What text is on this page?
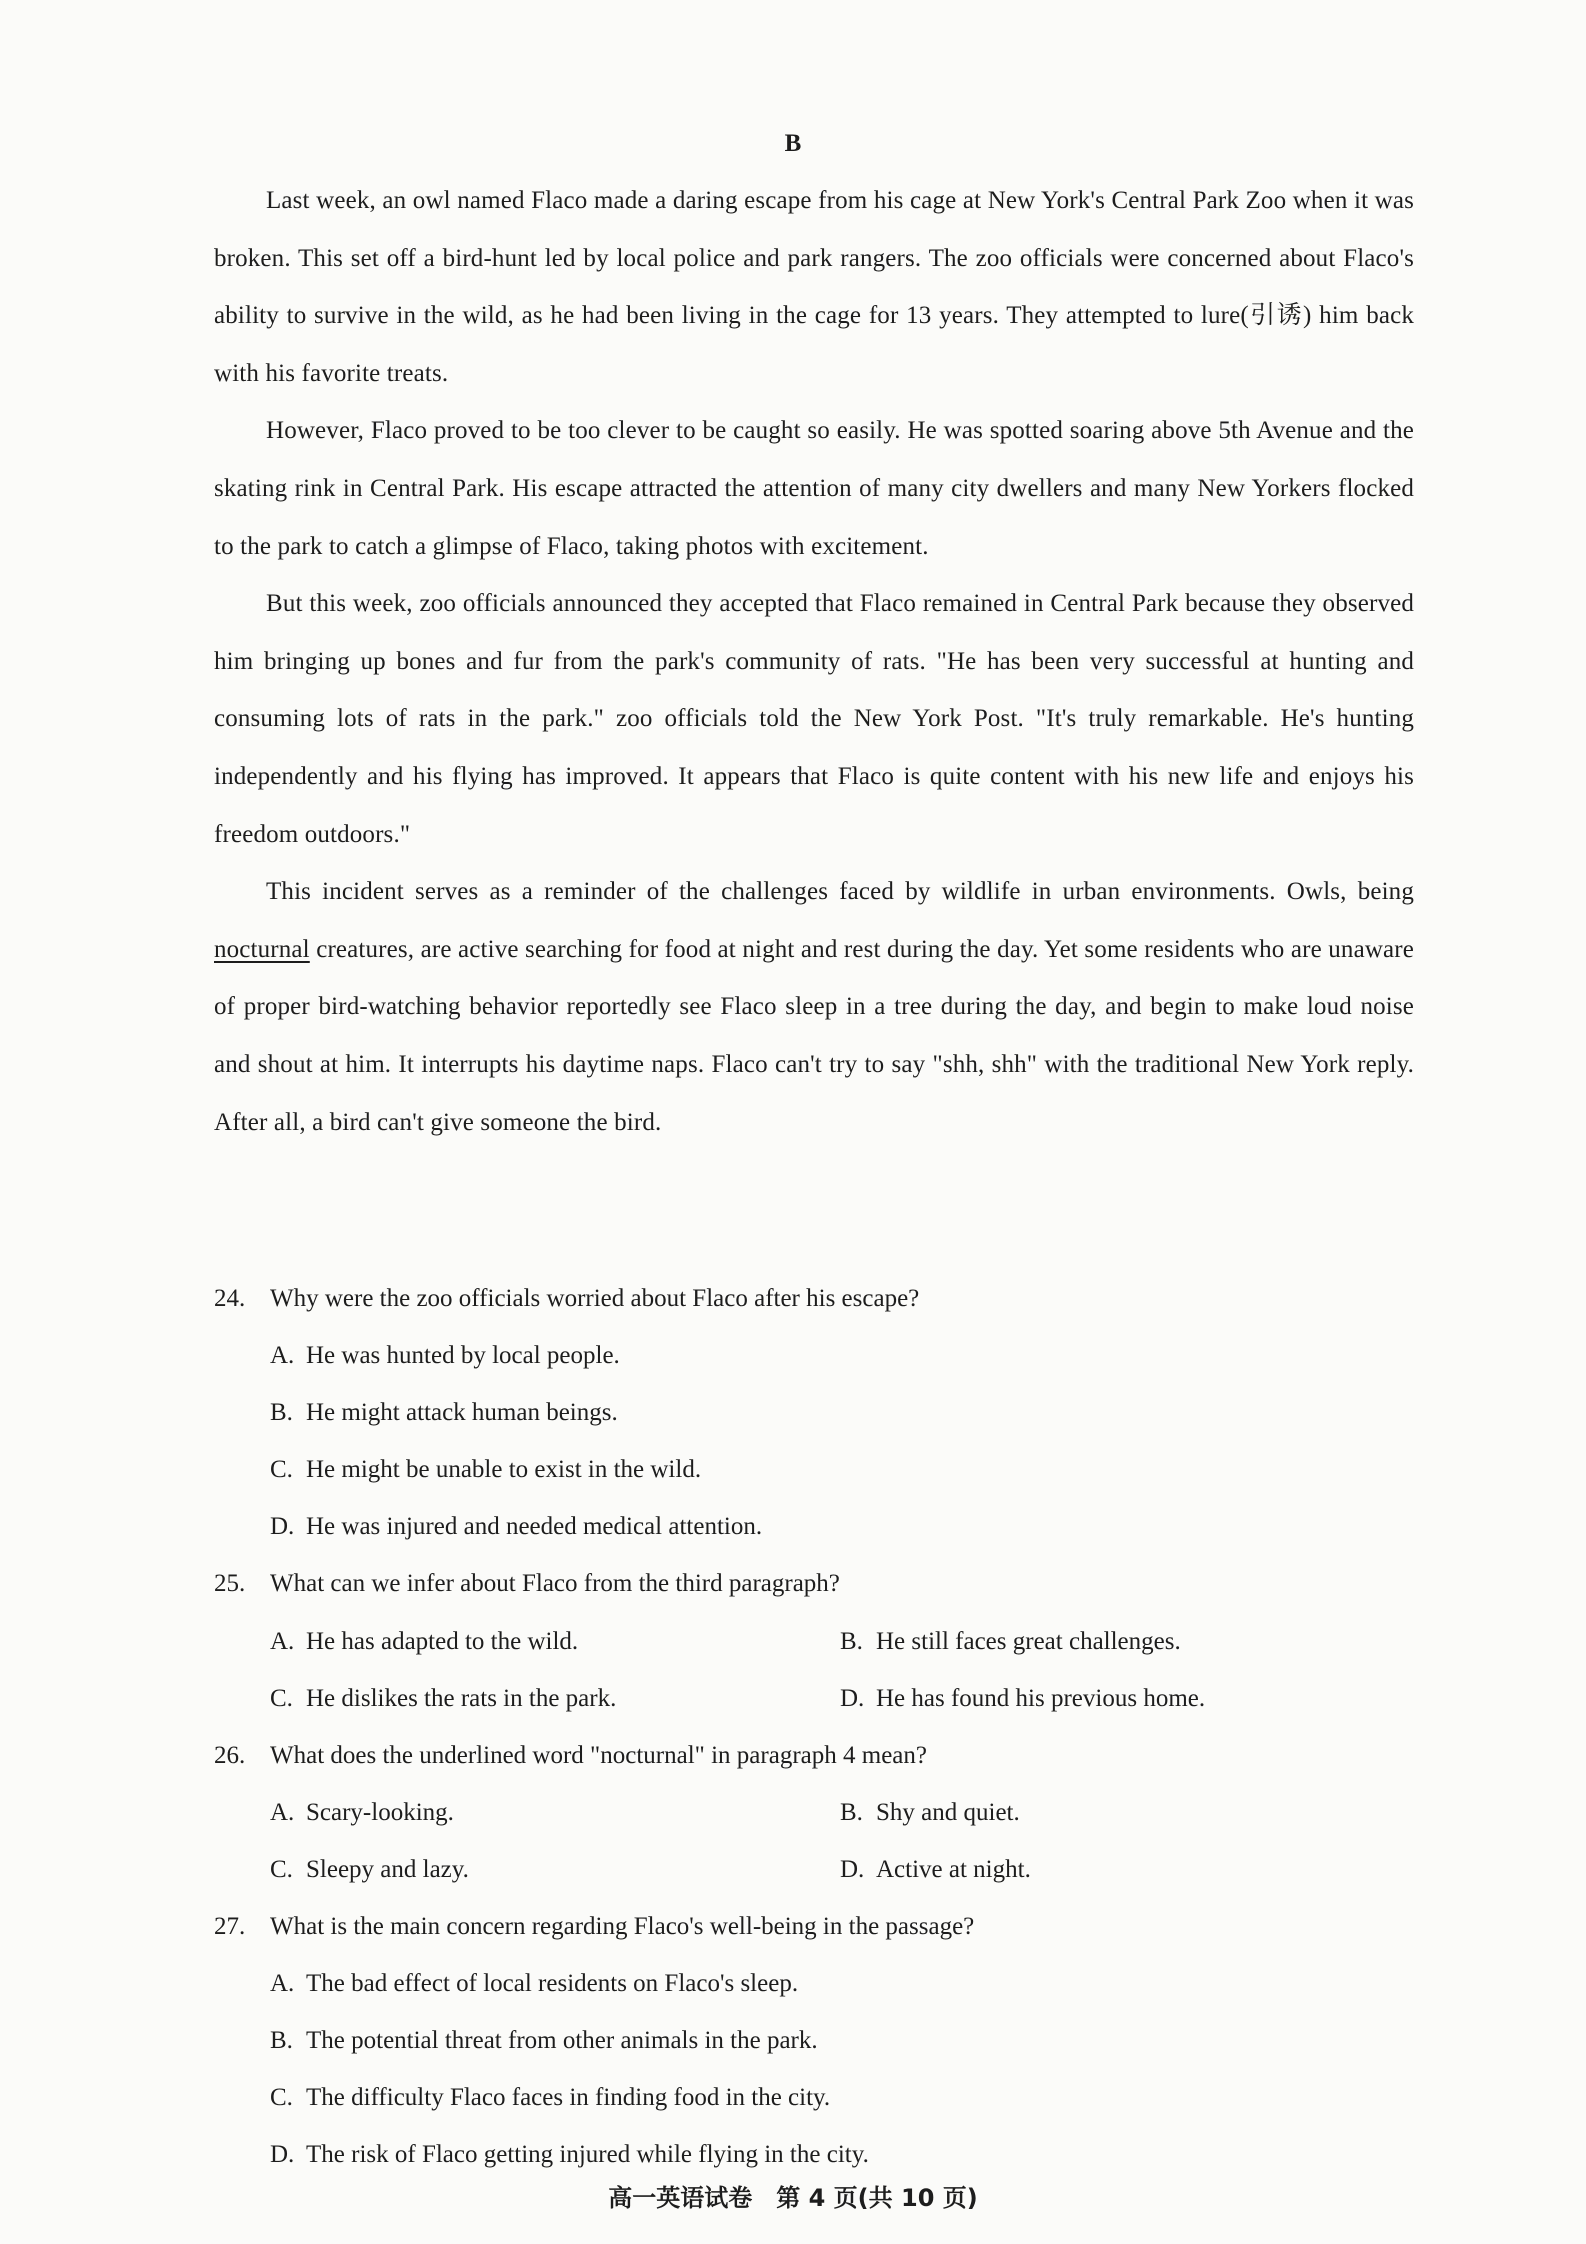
B

Last week, an owl named Flaco made a daring escape from his cage at New York's Central Park Zoo when it was broken. This set off a bird-hunt led by local police and park rangers. The zoo officials were concerned about Flaco's ability to survive in the wild, as he had been living in the cage for 13 years. They attempted to lure(引诱) him back with his favorite treats.

However, Flaco proved to be too clever to be caught so easily. He was spotted soaring above 5th Avenue and the skating rink in Central Park. His escape attracted the attention of many city dwellers and many New Yorkers flocked to the park to catch a glimpse of Flaco, taking photos with excitement.

But this week, zoo officials announced they accepted that Flaco remained in Central Park because they observed him bringing up bones and fur from the park's community of rats. "He has been very successful at hunting and consuming lots of rats in the park." zoo officials told the New York Post. "It's truly remarkable. He's hunting independently and his flying has improved. It appears that Flaco is quite content with his new life and enjoys his freedom outdoors."

This incident serves as a reminder of the challenges faced by wildlife in urban environments. Owls, being nocturnal creatures, are active searching for food at night and rest during the day. Yet some residents who are unaware of proper bird-watching behavior reportedly see Flaco sleep in a tree during the day, and begin to make loud noise and shout at him. It interrupts his daytime naps. Flaco can't try to say "shh, shh" with the traditional New York reply. After all, a bird can't give someone the bird.

24. Why were the zoo officials worried about Flaco after his escape?

A. He was hunted by local people.

B. He might attack human beings.

C. He might be unable to exist in the wild.

D. He was injured and needed medical attention.

25. What can we infer about Flaco from the third paragraph?

A. He has adapted to the wild.	B. He still faces great challenges.
C. He dislikes the rats in the park.	D. He has found his previous home.

26. What does the underlined word "nocturnal" in paragraph 4 mean?

A. Scary-looking.	B. Shy and quiet.
C. Sleepy and lazy.	D. Active at night.

27. What is the main concern regarding Flaco's well-being in the passage?

A. The bad effect of local residents on Flaco's sleep.

B. The potential threat from other animals in the park.

C. The difficulty Flaco faces in finding food in the city.

D. The risk of Flaco getting injured while flying in the city.

高一英语试卷　第 4 页(共 10 页)
